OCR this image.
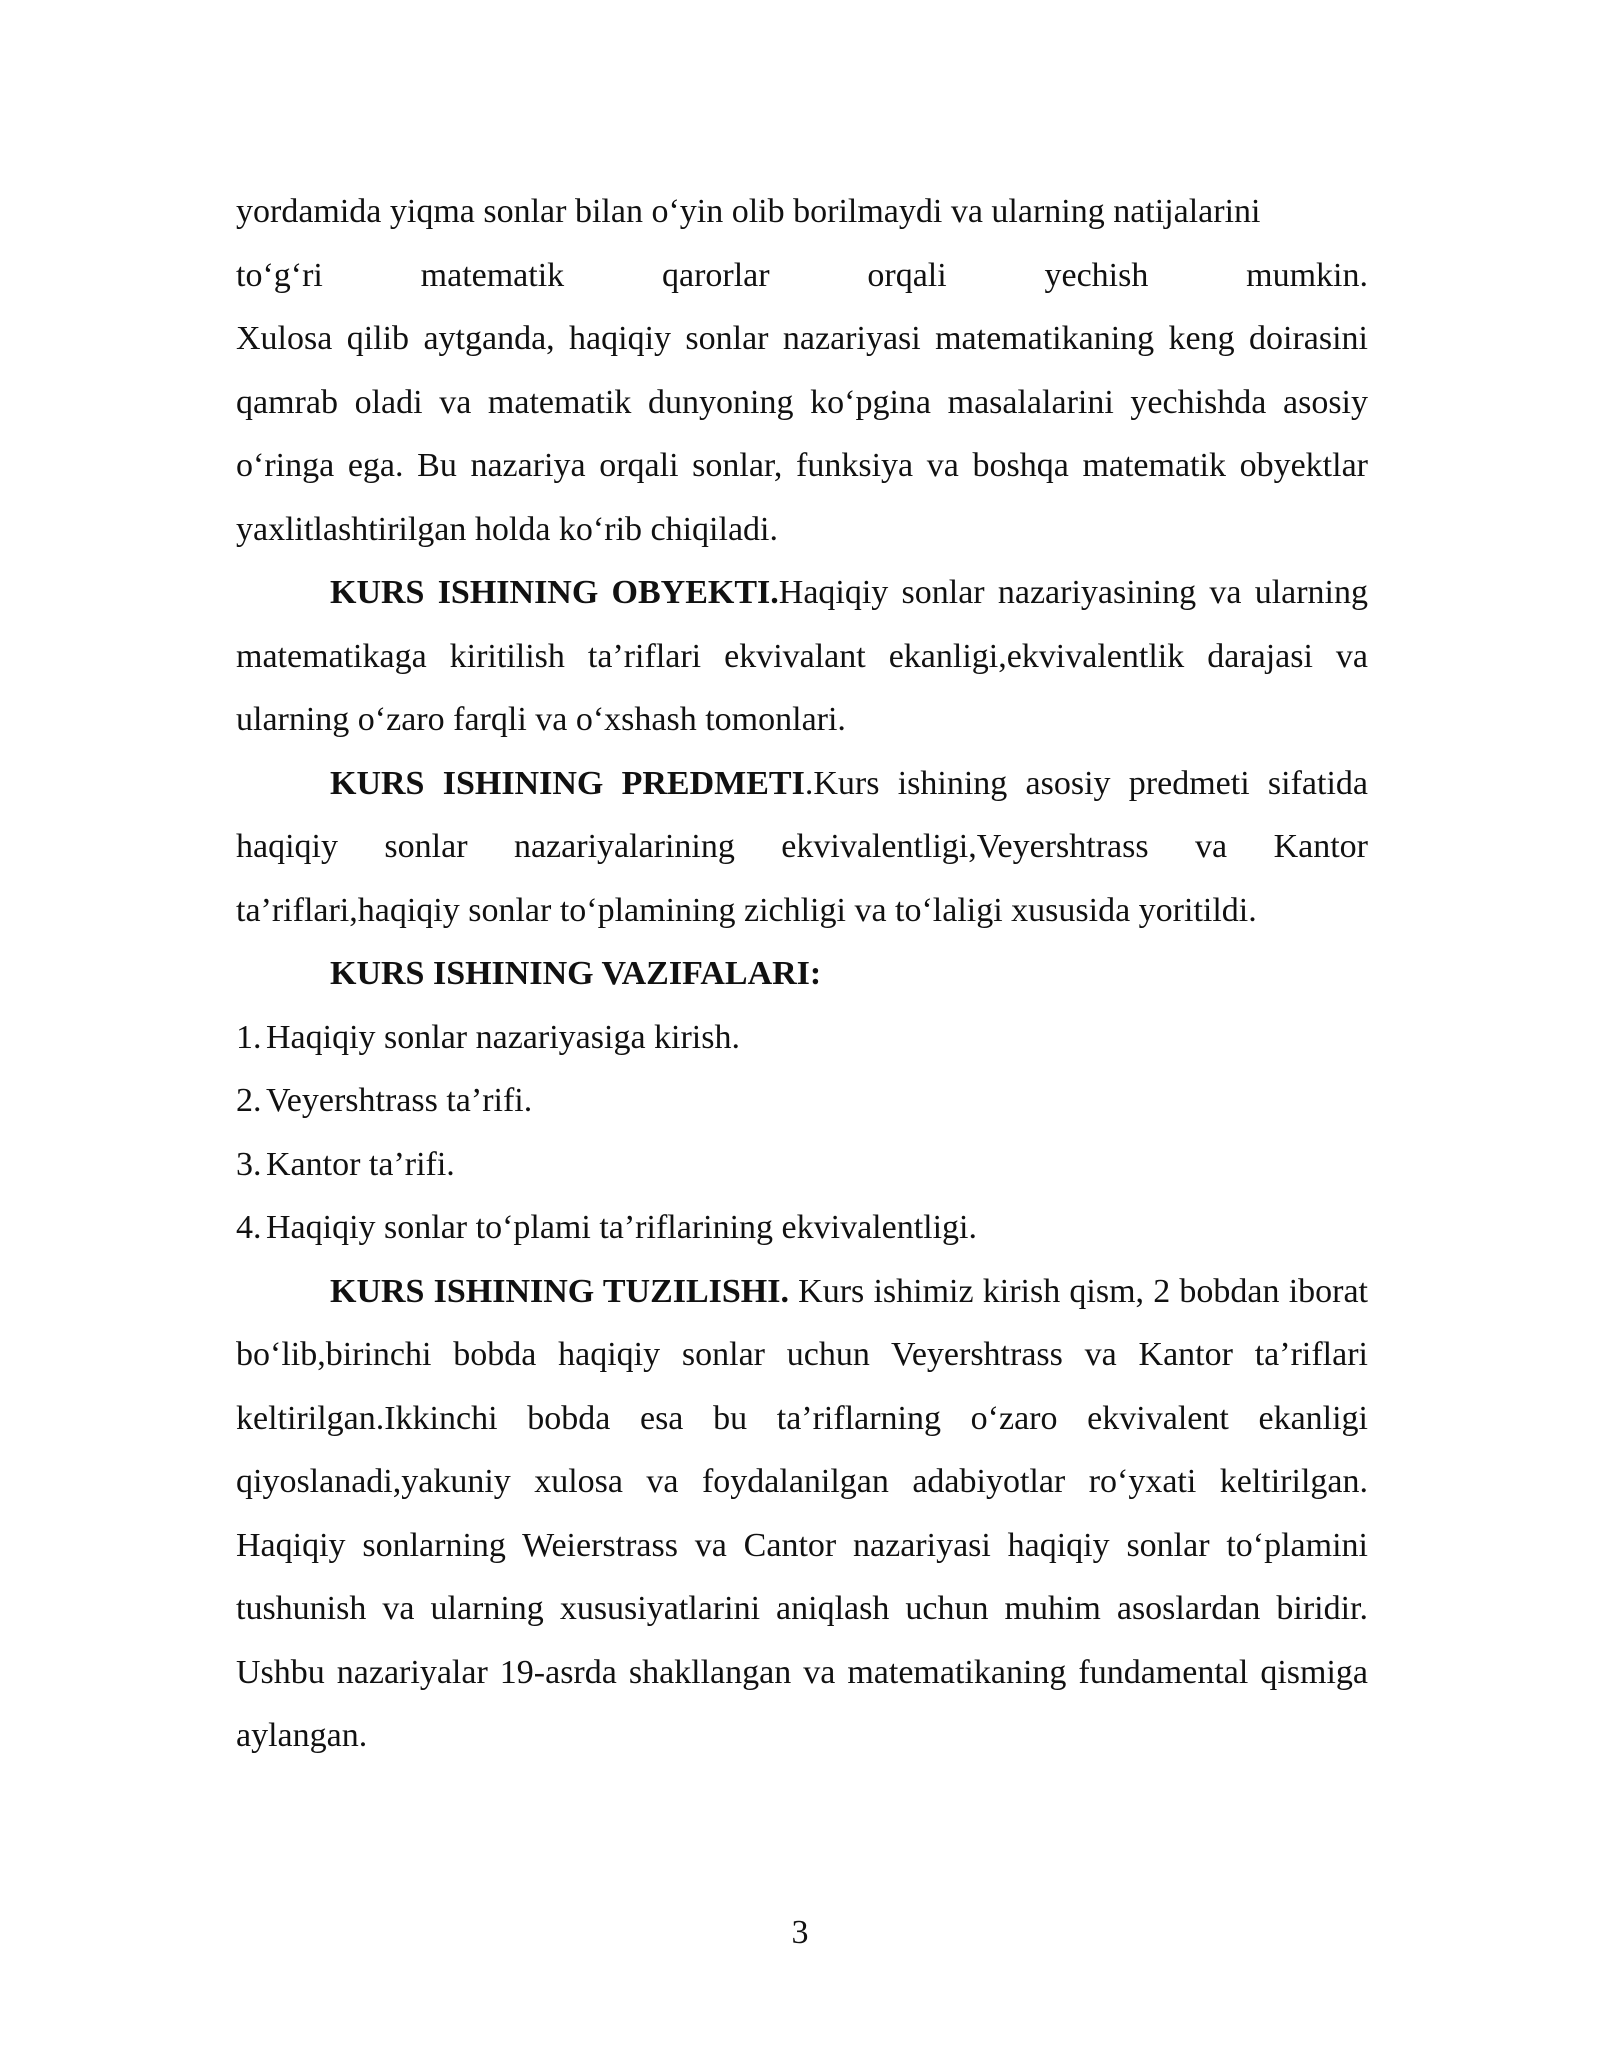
yordamida yiqma sonlar bilan o‘yin olib borilmaydi va ularning natijalarini

to‘g‘ri matematik qarorlar orqali yechish mumkin.

Xulosa qilib aytganda, haqiqiy sonlar nazariyasi matematikaning keng doirasini qamrab oladi va matematik dunyoning ko‘pgina masalalarini yechishda asosiy o‘ringa ega. Bu nazariya orqali sonlar, funksiya va boshqa matematik obyektlar yaxlitlashtirilgan holda ko‘rib chiqiladi.

KURS ISHINING OBYEKTI.Haqiqiy sonlar nazariyasining va ularning matematikaga kiritilish ta’riflari ekvivalant ekanligi,ekvivalentlik darajasi va ularning o‘zaro farqli va o‘xshash tomonlari.

KURS ISHINING PREDMETI.Kurs ishining asosiy predmeti sifatida haqiqiy sonlar nazariyalarining ekvivalentligi,Veyershtrass va Kantor ta’riflari,haqiqiy sonlar to‘plamining zichligi va to‘laligi xususida yoritildi.

KURS ISHINING VAZIFALARI:

1. Haqiqiy sonlar nazariyasiga kirish.

2. Veyershtrass ta’rifi.

3. Kantor ta’rifi.

4. Haqiqiy sonlar to‘plami ta’riflarining ekvivalentligi.

KURS ISHINING TUZILISHI. Kurs ishimiz kirish qism, 2 bobdan iborat bo‘lib,birinchi bobda haqiqiy sonlar uchun Veyershtrass va Kantor ta’riflari keltirilgan.Ikkinchi bobda esa bu ta’riflarning o‘zaro ekvivalent ekanligi qiyoslanadi,yakuniy xulosa va foydalanilgan adabiyotlar ro‘yxati keltirilgan. Haqiqiy sonlarning Weierstrass va Cantor nazariyasi haqiqiy sonlar to‘plamini tushunish va ularning xususiyatlarini aniqlash uchun muhim asoslardan biridir. Ushbu nazariyalar 19-asrda shakllangan va matematikaning fundamental qismiga aylangan.

3
